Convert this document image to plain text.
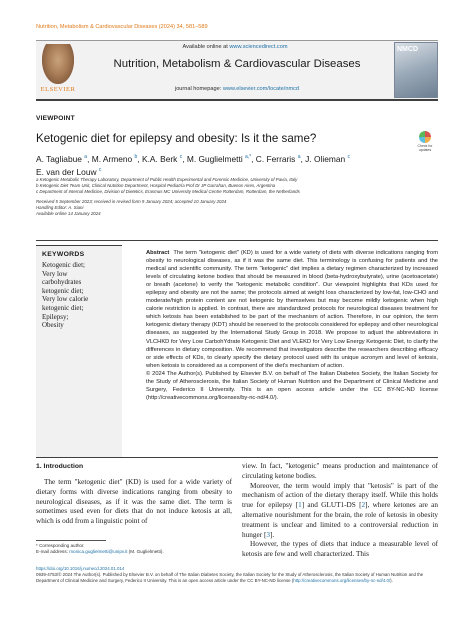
Nutrition, Metabolism & Cardiovascular Diseases (2024) 34, 581–589
ELSEVIER
Available online at www.sciencedirect.com
Nutrition, Metabolism & Cardiovascular Diseases
journal homepage: www.elsevier.com/locate/nmcd
NMCD
VIEWPOINT
Ketogenic diet for epilepsy and obesity: Is it the same?
Check for updates
A. Tagliabue $^a$, M. Armeno $^b$, K.A. Berk $^c$, M. Guglielmetti $^{a,*}$, C. Ferraris $^a$, J. Olieman $^c$
E. van der Louw $^c$
a Ketogenic Metabolic Therapy Laboratory, Department of Public Health Experimental and Forensic Medicine, University of Pavia, Italy
b Ketogenic Diet Team Unit, Clinical Nutrition Department, Hospital Pediatría Prof Dr JP Garrahan, Buenos Aires, Argentina
c Department of Internal Medicine, Division of Dietetics, Erasmus MC University Medical Centre Rotterdam, Rotterdam, the Netherlands
Received 5 September 2023; received in revised form 9 January 2024; accepted 10 January 2024
Handling Editor: A. Siani
Available online 14 January 2024
KEYWORDS
Ketogenic diet;
Very low
carbohydrates
ketogenic diet;
Very low calorie
ketogenic diet;
Epilepsy;
Obesity
Abstract The term "ketogenic diet" (KD) is used for a wide variety of diets with diverse indications ranging from obesity to neurological diseases, as if it was the same diet. This terminology is confusing for patients and the medical and scientific community. The term "ketogenic" diet implies a dietary regimen characterized by increased levels of circulating ketone bodies that should be measured in blood (beta-hydroxybutyrate), urine (acetoacetate) or breath (acetone) to verify the "ketogenic metabolic condition". Our viewpoint highlights that KDs used for epilepsy and obesity are not the same; the protocols aimed at weight loss characterized by low-fat, low-CHO and moderate/high protein content are not ketogenic by themselves but may become mildly ketogenic when high calorie restriction is applied. In contrast, there are standardized protocols for neurological diseases treatment for which ketosis has been established to be part of the mechanism of action. Therefore, in our opinion, the term ketogenic dietary therapy (KDT) should be reserved to the protocols considered for epilepsy and other neurological diseases, as suggested by the International Study Group in 2018. We propose to adjust the abbreviations in VLCHKD for Very Low CarbohYdrate Ketogenic Diet and VLEKD for Very Low Energy Ketogenic Diet, to clarify the differences in dietary composition. We recommend that investigators describe the researchers describing efficacy or side effects of KDs, to clearly specify the dietary protocol used with its unique acronym and level of ketosis, when ketosis is considered as a component of the diet's mechanism of action.
© 2024 The Author(s). Published by Elsevier B.V. on behalf of The Italian Diabetes Society, the Italian Society for the Study of Atherosclerosis, the Italian Society of Human Nutrition and the Department of Clinical Medicine and Surgery, Federico II University. This is an open access article under the CC BY-NC-ND license (http://creativecommons.org/licenses/by-nc-nd/4.0/).
1. Introduction
The term "ketogenic diet" (KD) is used for a wide variety of dietary forms with diverse indications ranging from obesity to neurological diseases, as if it was the same diet. The term is sometimes used even for diets that do not induce ketosis at all, which is odd from a linguistic point of
view. In fact, "ketogenic" means production and maintenance of circulating ketone bodies.
Moreover, the term would imply that "ketosis" is part of the mechanism of action of the dietary therapy itself. While this holds true for epilepsy [1] and GLUT1-DS [2], where ketones are an alternative nourishment for the brain, the role of ketosis in obesity treatment is unclear and limited to a controversial reduction in hunger [3].
However, the types of diets that induce a measurable level of ketosis are few and well characterized. This
* Corresponding author.
E-mail address: monica.guglielmetti@unipv.it (M. Guglielmetti).
https://doi.org/10.1016/j.numecd.2024.01.014
0939-4753/© 2024 The Author(s). Published by Elsevier B.V. on behalf of The Italian Diabetes Society, the Italian Society for the Study of Atherosclerosis, the Italian Society of Human Nutrition and the Department of Clinical Medicine and Surgery, Federico II University. This is an open access article under the CC BY-NC-ND license (http://creativecommons.org/licenses/by-nc-nd/4.0/).
